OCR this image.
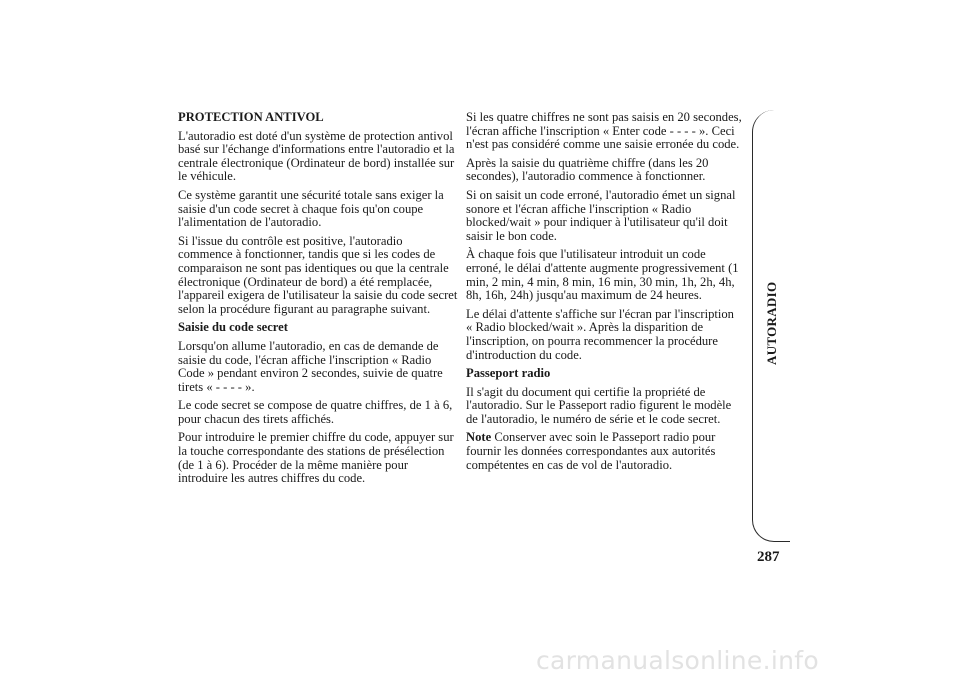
PROTECTION ANTIVOL

L'autoradio est doté d'un système de protection antivol basé sur l'échange d'informations entre l'autoradio et la centrale électronique (Ordinateur de bord) installée sur le véhicule.

Ce système garantit une sécurité totale sans exiger la saisie d'un code secret à chaque fois qu'on coupe l'alimentation de l'autoradio.

Si l'issue du contrôle est positive, l'autoradio commence à fonctionner, tandis que si les codes de comparaison ne sont pas identiques ou que la centrale électronique (Ordinateur de bord) a été remplacée, l'appareil exigera de l'utilisateur la saisie du code secret selon la procédure figurant au paragraphe suivant.

Saisie du code secret

Lorsqu'on allume l'autoradio, en cas de demande de saisie du code, l'écran affiche l'inscription « Radio Code » pendant environ 2 secondes, suivie de quatre tirets « - - - - ».

Le code secret se compose de quatre chiffres, de 1 à 6, pour chacun des tirets affichés.

Pour introduire le premier chiffre du code, appuyer sur la touche correspondante des stations de présélection (de 1 à 6). Procéder de la même manière pour introduire les autres chiffres du code.

Si les quatre chiffres ne sont pas saisis en 20 secondes, l'écran affiche l'inscription « Enter code - - - - ». Ceci n'est pas considéré comme une saisie erronée du code.

Après la saisie du quatrième chiffre (dans les 20 secondes), l'autoradio commence à fonctionner.

Si on saisit un code erroné, l'autoradio émet un signal sonore et l'écran affiche l'inscription « Radio blocked/wait » pour indiquer à l'utilisateur qu'il doit saisir le bon code.

À chaque fois que l'utilisateur introduit un code erroné, le délai d'attente augmente progressivement (1 min, 2 min, 4 min, 8 min, 16 min, 30 min, 1h, 2h, 4h, 8h, 16h, 24h) jusqu'au maximum de 24 heures.

Le délai d'attente s'affiche sur l'écran par l'inscription « Radio blocked/wait ». Après la disparition de l'inscription, on pourra recommencer la procédure d'introduction du code.

Passeport radio

Il s'agit du document qui certifie la propriété de l'autoradio. Sur le Passeport radio figurent le modèle de l'autoradio, le numéro de série et le code secret.

Note Conserver avec soin le Passeport radio pour fournir les données correspondantes aux autorités compétentes en cas de vol de l'autoradio.

AUTORADIO
287
carmanualsonline.info
